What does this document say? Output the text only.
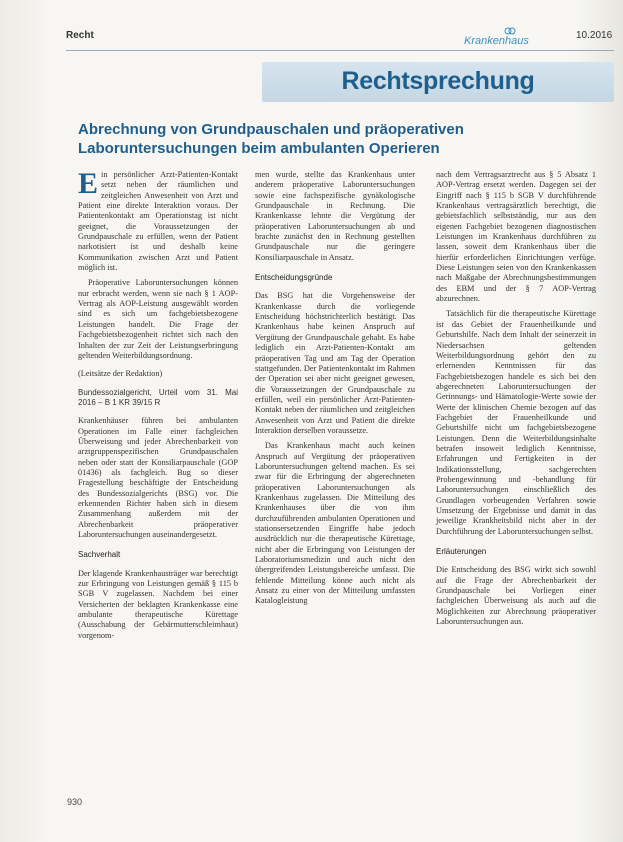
Recht	Krankenhaus	10.2016
Rechtsprechung
Abrechnung von Grundpauschalen und präoperativen Laboruntersuchungen beim ambulanten Operieren

Ein persönlicher Arzt-Patienten-Kontakt setzt neben der räumlichen und zeitgleichen Anwesenheit von Arzt und Patient eine direkte Interaktion voraus. Der Patientenkontakt am Operationstag ist nicht geeignet, die Voraussetzungen der Grundpauschale zu erfüllen, wenn der Patient narkotisiert ist und deshalb keine Kommunikation zwischen Arzt und Patient möglich ist.

Präoperative Laboruntersuchungen können nur erbracht werden, wenn sie nach § 1 AOP-Vertrag als AOP-Leistung ausgewählt worden sind es sich um fachgebietsbezogene Leistungen handelt. Die Frage der Fachgebietsbezogenheit richtet sich nach den Inhalten der zur Zeit der Leistungserbringung geltenden Weiterbildungsordnung.

(Leitsätze der Redaktion)

Bundessozialgericht, Urteil vom 31. Mai 2016 – B 1 KR 39/15 R

Krankenhäuser führen bei ambulanten Operationen im Falle einer fachgleichen Überweisung und jeder Abrechenbarkeit von arztgruppenspezifischen Grundpauschalen neben oder statt der Konsiliarpauschale (GOP 01436) als fachgleich. Bug so dieser Fragestellung beschäftigte der Entscheidung des Bundessozialgerichts (BSG) vor. Die erkennenden Richter haben sich in diesem Zusammenhang außerdem mit der Abrechenbarkeit präoperativer Laboruntersuchungen auseinandergesetzt.

Sachverhalt

Der klagende Krankenhausträger war berechtigt zur Erbringung von Leistungen gemäß § 115 b SGB V zugelassen. Nachdem bei einer Versicherten der beklagten Krankenkasse eine ambulante therapeutische Kürettage (Ausschabung der Gebärmutterschleimhaut) vorgenom-

men wurde, stellte das Krankenhaus unter anderem präoperative Laboruntersuchungen sowie eine fachspezifische gynäkologische Grundpauschale in Rechnung. Die Krankenkasse lehnte die Vergütung der präoperativen Laboruntersuchungen ab und brachte zunächst den in Rechnung gestellten Grundpauschale nur die geringere Konsiliarpauschale in Ansatz.

Entscheidungsgründe

Das BSG hat die Vorgehensweise der Krankenkasse durch die vorliegende Entscheidung höchstrichterlich bestätigt. Das Krankenhaus habe keinen Anspruch auf Vergütung der Grundpauschale gehabt. Es habe lediglich ein Arzt-Patienten-Kontakt am präoperativen Tag und am Tag der Operation stattgefunden. Der Patientenkontakt im Rahmen der Operation sei aber nicht geeignet gewesen, die Voraussetzungen der Grundpauschale zu erfüllen, weil ein persönlicher Arzt-Patienten-Kontakt neben der räumlichen und zeitgleichen Anwesenheit von Arzt und Patient die direkte Interaktion derselben voraussetze.

Das Krankenhaus macht auch keinen Anspruch auf Vergütung der präoperativen Laboruntersuchungen geltend machen. Es sei zwar für die Erbringung der abgerechneten präoperativen Laboruntersuchungen als Krankenhaus zugelassen. Die Mitteilung des Krankenhauses über die von ihm durchzuführenden ambulanten Operationen und stationsersetzenden Eingriffe habe jedoch ausdrücklich nur die therapeutische Kürettage, nicht aber die Erbringung von Leistungen der Laboratoriumsmedizin und auch nicht den übergreifenden Leistungsbereiche umfasst. Die fehlende Mitteilung könne auch nicht als Ansatz zu einer von der Mitteilung umfassten Katalogleistung

nach dem Vertragsarztrecht aus § 5 Absatz 1 AOP-Vertrag ersetzt werden. Dagegen sei der Eingriff nach § 115 b SGB V durchführende Krankenhaus vertragsärztlich berechtigt, die gebietsfachlich selbstständig, nur aus den eigenen Fachgebiet bezogenen diagnostischen Leistungen im Krankenhaus durchführen zu lassen, soweit dem Krankenhaus über die hierfür erforderlichen Einrichtungen verfüge. Diese Leistungen seien von den Krankenkassen nach Maßgabe der Abrechnungsbestimmungen des EBM und der § 7 AOP-Vertrag abzurechnen.

Tatsächlich für die therapeutische Kürettage ist das Gebiet der Frauenheilkunde und Geburtshilfe. Nach dem Inhalt der seinerzeit in Niedersachsen geltenden Weiterbildungsordnung gehört den zu erlernenden Kenntnissen für das Fachgebietsbezogen handele es sich bei den abgerechneten Laboruntersuchungen der Gerinnungs- und Hämatologie-Werte sowie der Werte der klinischen Chemie bezogen auf das Fachgebiet der Frauenheilkunde und Geburtshilfe nicht um fachgebietsbezogene Leistungen. Denn die Weiterbildungsinhalte betrafen insoweit lediglich Kenntnisse, Erfahrungen und Fertigkeiten in der Indikationsstellung, sachgerechten Probengewinnung und -behandlung für Laboruntersuchungen einschließlich des Grundlagen vorbeugenden Verfahren sowie Umsetzung der Ergebnisse und damit in das jeweilige Krankheitsbild nicht aber in der Durchführung der Laboruntersuchungen selbst.

Erläuterungen

Die Entscheidung des BSG wirkt sich sowohl auf die Frage der Abrechenbarkeit der Grundpauschale bei Vorliegen einer fachgleichen Überweisung als auch auf die Möglichkeiten zur Abrechnung präoperativer Laboruntersuchungen aus.

930
